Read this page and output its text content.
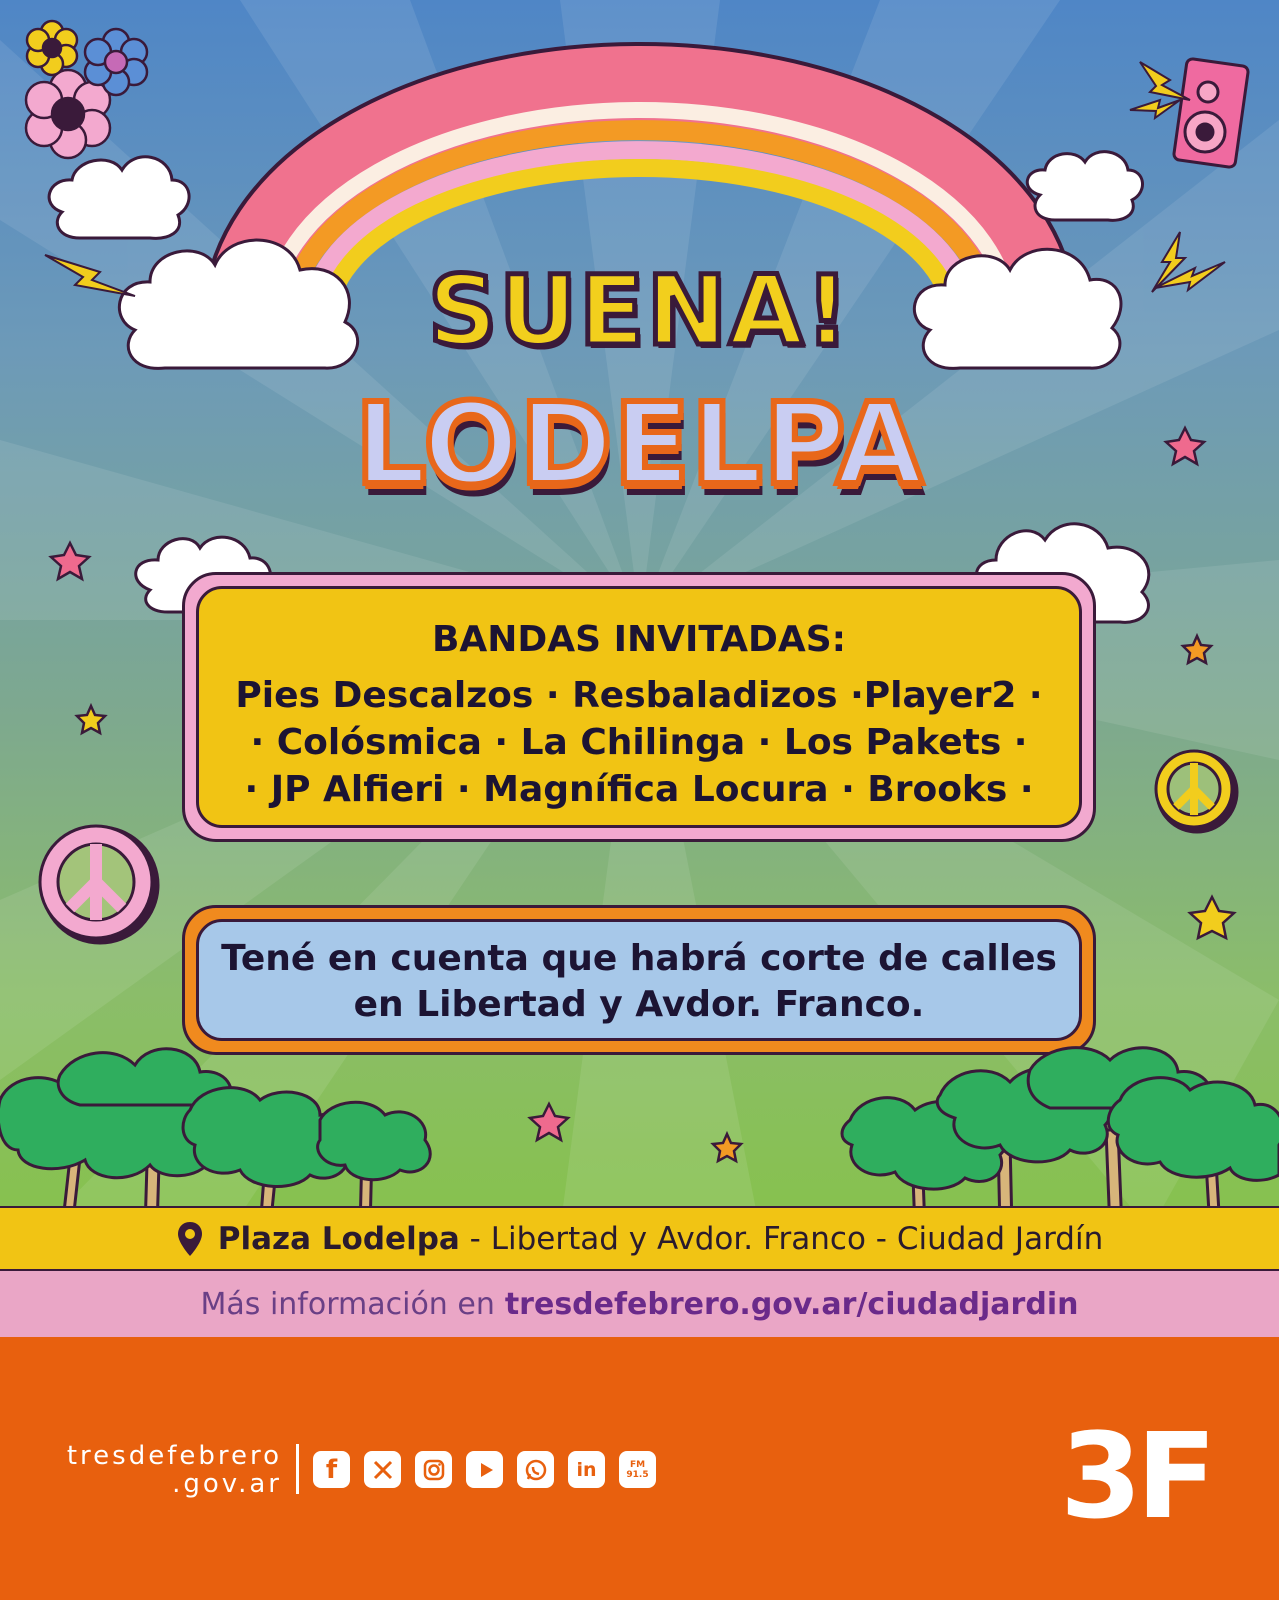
SUENA!
LODELPA
BANDAS INVITADAS:
Pies Descalzos · Resbaladizos ·Player2 ·
· Colósmica · La Chilinga · Los Pakets ·
· JP Alfieri · Magnífica Locura · Brooks ·
Tené en cuenta que habrá corte de calles
en Libertad y Avdor. Franco.
Plaza Lodelpa - Libertad y Avdor. Franco - Ciudad Jardín
Más información en tresdefebrero.gov.ar/ciudadjardin
tresdefebrero
.gov.ar f	in	FM 91.5	3F
